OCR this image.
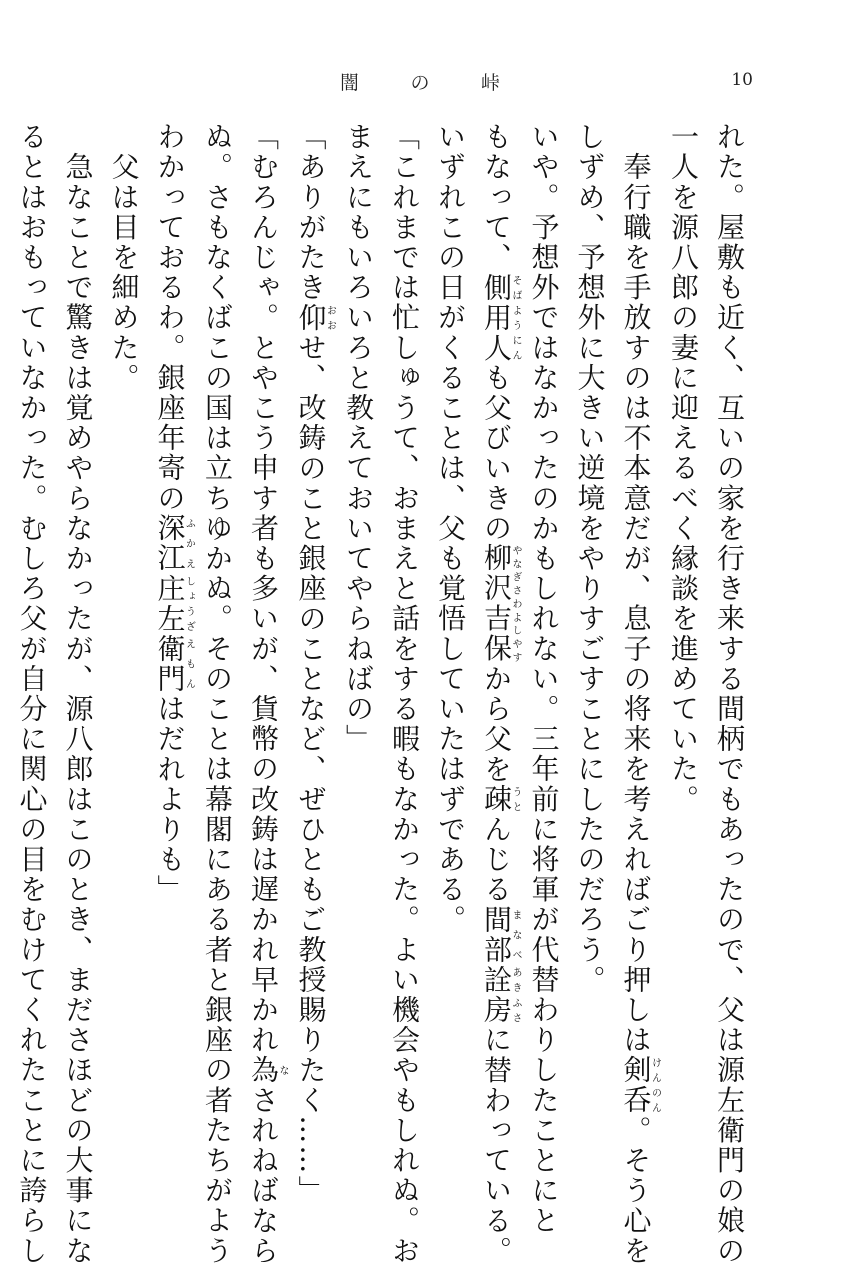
闇	の	峠	10
れた。屋敷も近く、互いの家を行き来する間柄でもあったので、父は源左衛門の娘の
一人を源八郎の妻に迎えるべく縁談を進めていた。
　奉行職を手放すのは不本意だが、息子の将来を考えればごり押しは剣呑けんのん。そう心を
しずめ、予想外に大きい逆境をやりすごすことにしたのだろう。
いや。予想外ではなかったのかもしれない。三年前に将軍が代替わりしたことにと
もなって、側用人そばようにんも父びいきの柳沢吉保やなぎさわよしやすから父を疎うとんじる間部まなべ詮房あきふさに替わっている。
いずれこの日がくることは、父も覚悟していたはずである。
「これまでは忙しゅうて、おまえと話をする暇もなかった。よい機会やもしれぬ。お
まえにもいろいろと教えておいてやらねばの」
「ありがたき仰おおせ、改鋳のこと銀座のことなど、ぜひともご教授賜りたく……」
「むろんじゃ。とやこう申す者も多いが、貨幣の改鋳は遅かれ早かれ為なされねばなら
ぬ。さもなくばこの国は立ちゆかぬ。そのことは幕閣にある者と銀座の者たちがよう
わかっておるわ。銀座年寄の深江ふかえ庄左しょうざ衛門えもんはだれよりも」
　父は目を細めた。
　急なことで驚きは覚めやらなかったが、源八郎はこのとき、まださほどの大事にな
るとはおもっていなかった。むしろ父が自分に関心の目をむけてくれたことに誇らし
